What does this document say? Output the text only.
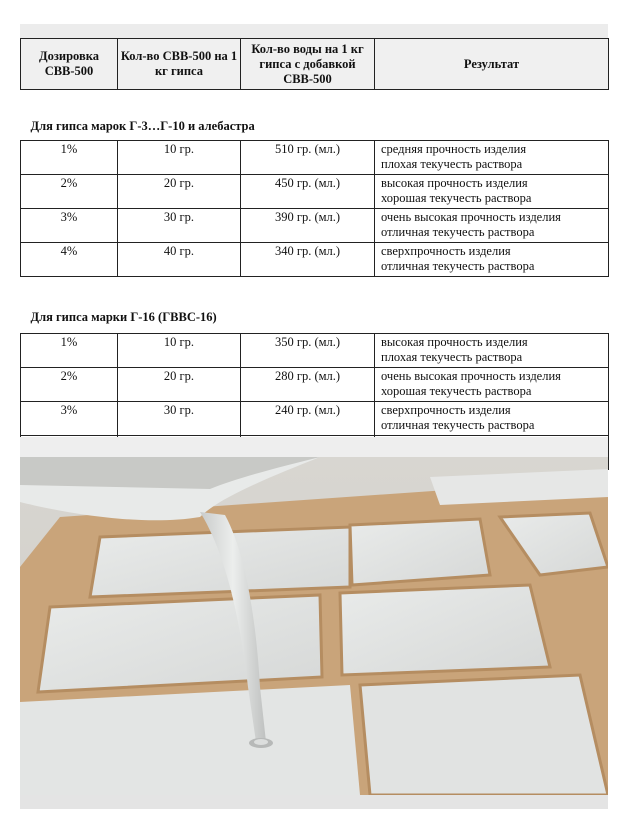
Дозировка СВВ-500	Кол-во СВВ-500 на 1 кг гипса	Кол-во воды на 1 кг гипса с добавкой СВВ-500	Результат
Для гипса марок Г-3…Г-10 и алебастра			
1%	10 гр.	510 гр. (мл.)	средняя прочность изделия
плохая текучесть раствора

2%	20 гр.	450 гр. (мл.)	высокая прочность изделия
хорошая текучесть раствора

3%	30 гр.	390 гр. (мл.)	очень высокая прочность изделия
отличная текучесть раствора

4%	40 гр.	340 гр. (мл.)	сверхпрочность изделия
отличная текучесть раствора

Для гипса марки Г-16 (ГВВС-16)			
1%	10 гр.	350 гр. (мл.)	высокая прочность изделия
плохая текучесть раствора

2%	20 гр.	280 гр. (мл.)	очень высокая прочность изделия
хорошая текучесть раствора

3%	30 гр.	240 гр. (мл.)	сверхпрочность изделия
отличная текучесть раствора
